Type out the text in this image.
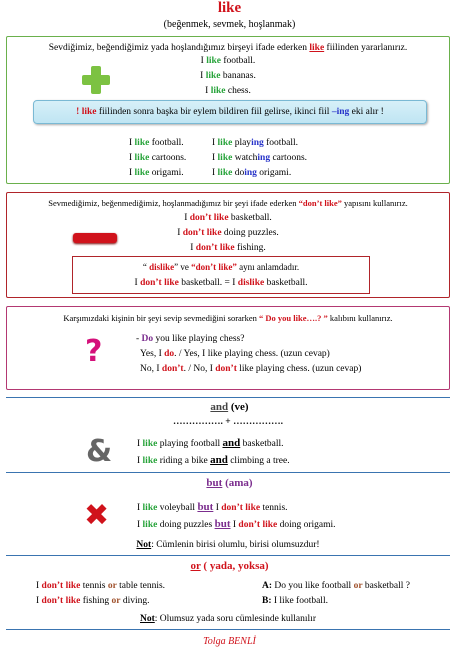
like
(beğenmek, sevmek, hoşlanmak)
Sevdiğimiz, beğendiğimiz yada hoşlandığımız birşeyi ifade ederken like fiilinden yararlanırız.
I like football.
I like bananas.
I like chess.
! like fiilinden sonra başka bir eylem bildiren fiil gelirse, ikinci fiil –ing eki alır !
I like football.
I like cartoons.
I like origami.
I like playing football.
I like watching cartoons.
I like doing origami.
Sevmediğimiz, beğenmediğimiz, hoşlanmadığımız bir şeyi ifade ederken “don’t like” yapısını kullanırız.
I don’t like basketball.
I don’t like doing puzzles.
I don’t like fishing.
“ dislike” ve “don’t like” aynı anlamdadır.
I don’t like basketball. = I dislike basketball.
Karşımızdaki kişinin bir şeyi sevip sevmediğini sorarken “ Do you like….? ” kalıbını kullanırız.
?	- Do you like playing chess?
Yes, I do. / Yes, I like playing chess. (uzun cevap)
No, I don’t. / No, I don’t like playing chess. (uzun cevap)
and (ve)
……………. + …………….
&	I like playing football and basketball.
I like riding a bike and climbing a tree.
but (ama)
✖	I like voleyball but I don’t like tennis.
I like doing puzzles but I don’t like doing origami.
Not: Cümlenin birisi olumlu, birisi olumsuzdur!
or ( yada, yoksa)
I don’t like tennis or table tennis.
I don’t like fishing or diving.
A: Do you like football or basketball ?
B: I like football.
Not: Olumsuz yada soru cümlesinde kullanılır
Tolga BENLİ
